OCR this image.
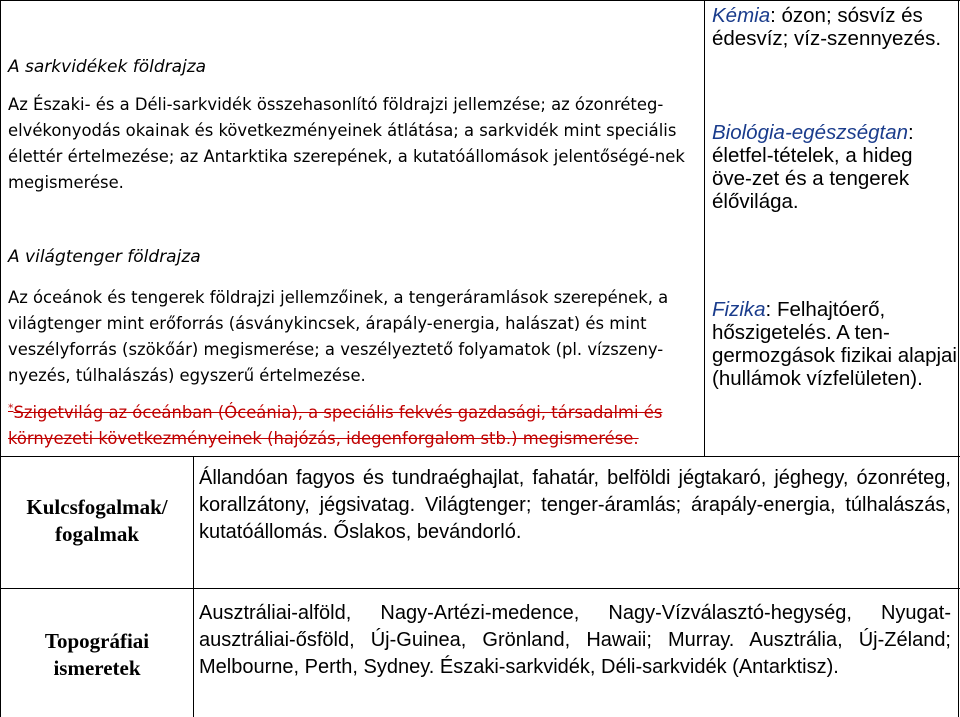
A sarkvidékek földrajza

Az Északi- és a Déli-sarkvidék összehasonlító földrajzi jellemzése; az ózonréteg-elvékonyodás okainak és következményeinek átlátása; a sarkvidék mint speciális élettér értelmezése; az Antarktika szerepének, a kutatóállomások jelentőségé-nek megismerése.

A világtenger földrajza

Az óceánok és tengerek földrajzi jellemzőinek, a tengeráramlások szerepének, a világtenger mint erőforrás (ásványkincsek, árapály-energia, halászat) és mint veszélyforrás (szökőár) megismerése; a veszélyeztető folyamatok (pl. vízszeny-nyezés, túlhalászás) egyszerű értelmezése.

*Szigetvilág az óceánban (Óceánia), a speciális fekvés gazdasági, társadalmi és környezeti következményeinek (hajózás, idegenforgalom stb.) megismerése.

Kémia: ózon; sósvíz és édesvíz; víz-szennyezés.
Biológia-egészségtan: életfel-tételek, a hideg öve-zet és a tengerek élővilága.
Fizika: Felhajtóerő, hőszigetelés. A ten-germozgások fizikai alapjai (hullámok vízfelületen).
Kulcsfogalmak/ fogalmak
Állandóan fagyos és tundraéghajlat, fahatár, belföldi jégtakaró, jéghegy, ózonréteg, korallzátony, jégsivatag. Világtenger; tenger-áramlás; árapály-energia, túlhalászás, kutatóállomás. Őslakos, bevándorló.
Topográfiai ismeretek
Ausztráliai-alföld, Nagy-Artézi-medence, Nagy-Vízválasztó-hegység, Nyugat-ausztráliai-ősföld, Új-Guinea, Grönland, Hawaii; Murray. Ausztrália, Új-Zéland; Melbourne, Perth, Sydney. Északi-sarkvidék, Déli-sarkvidék (Antarktisz).
